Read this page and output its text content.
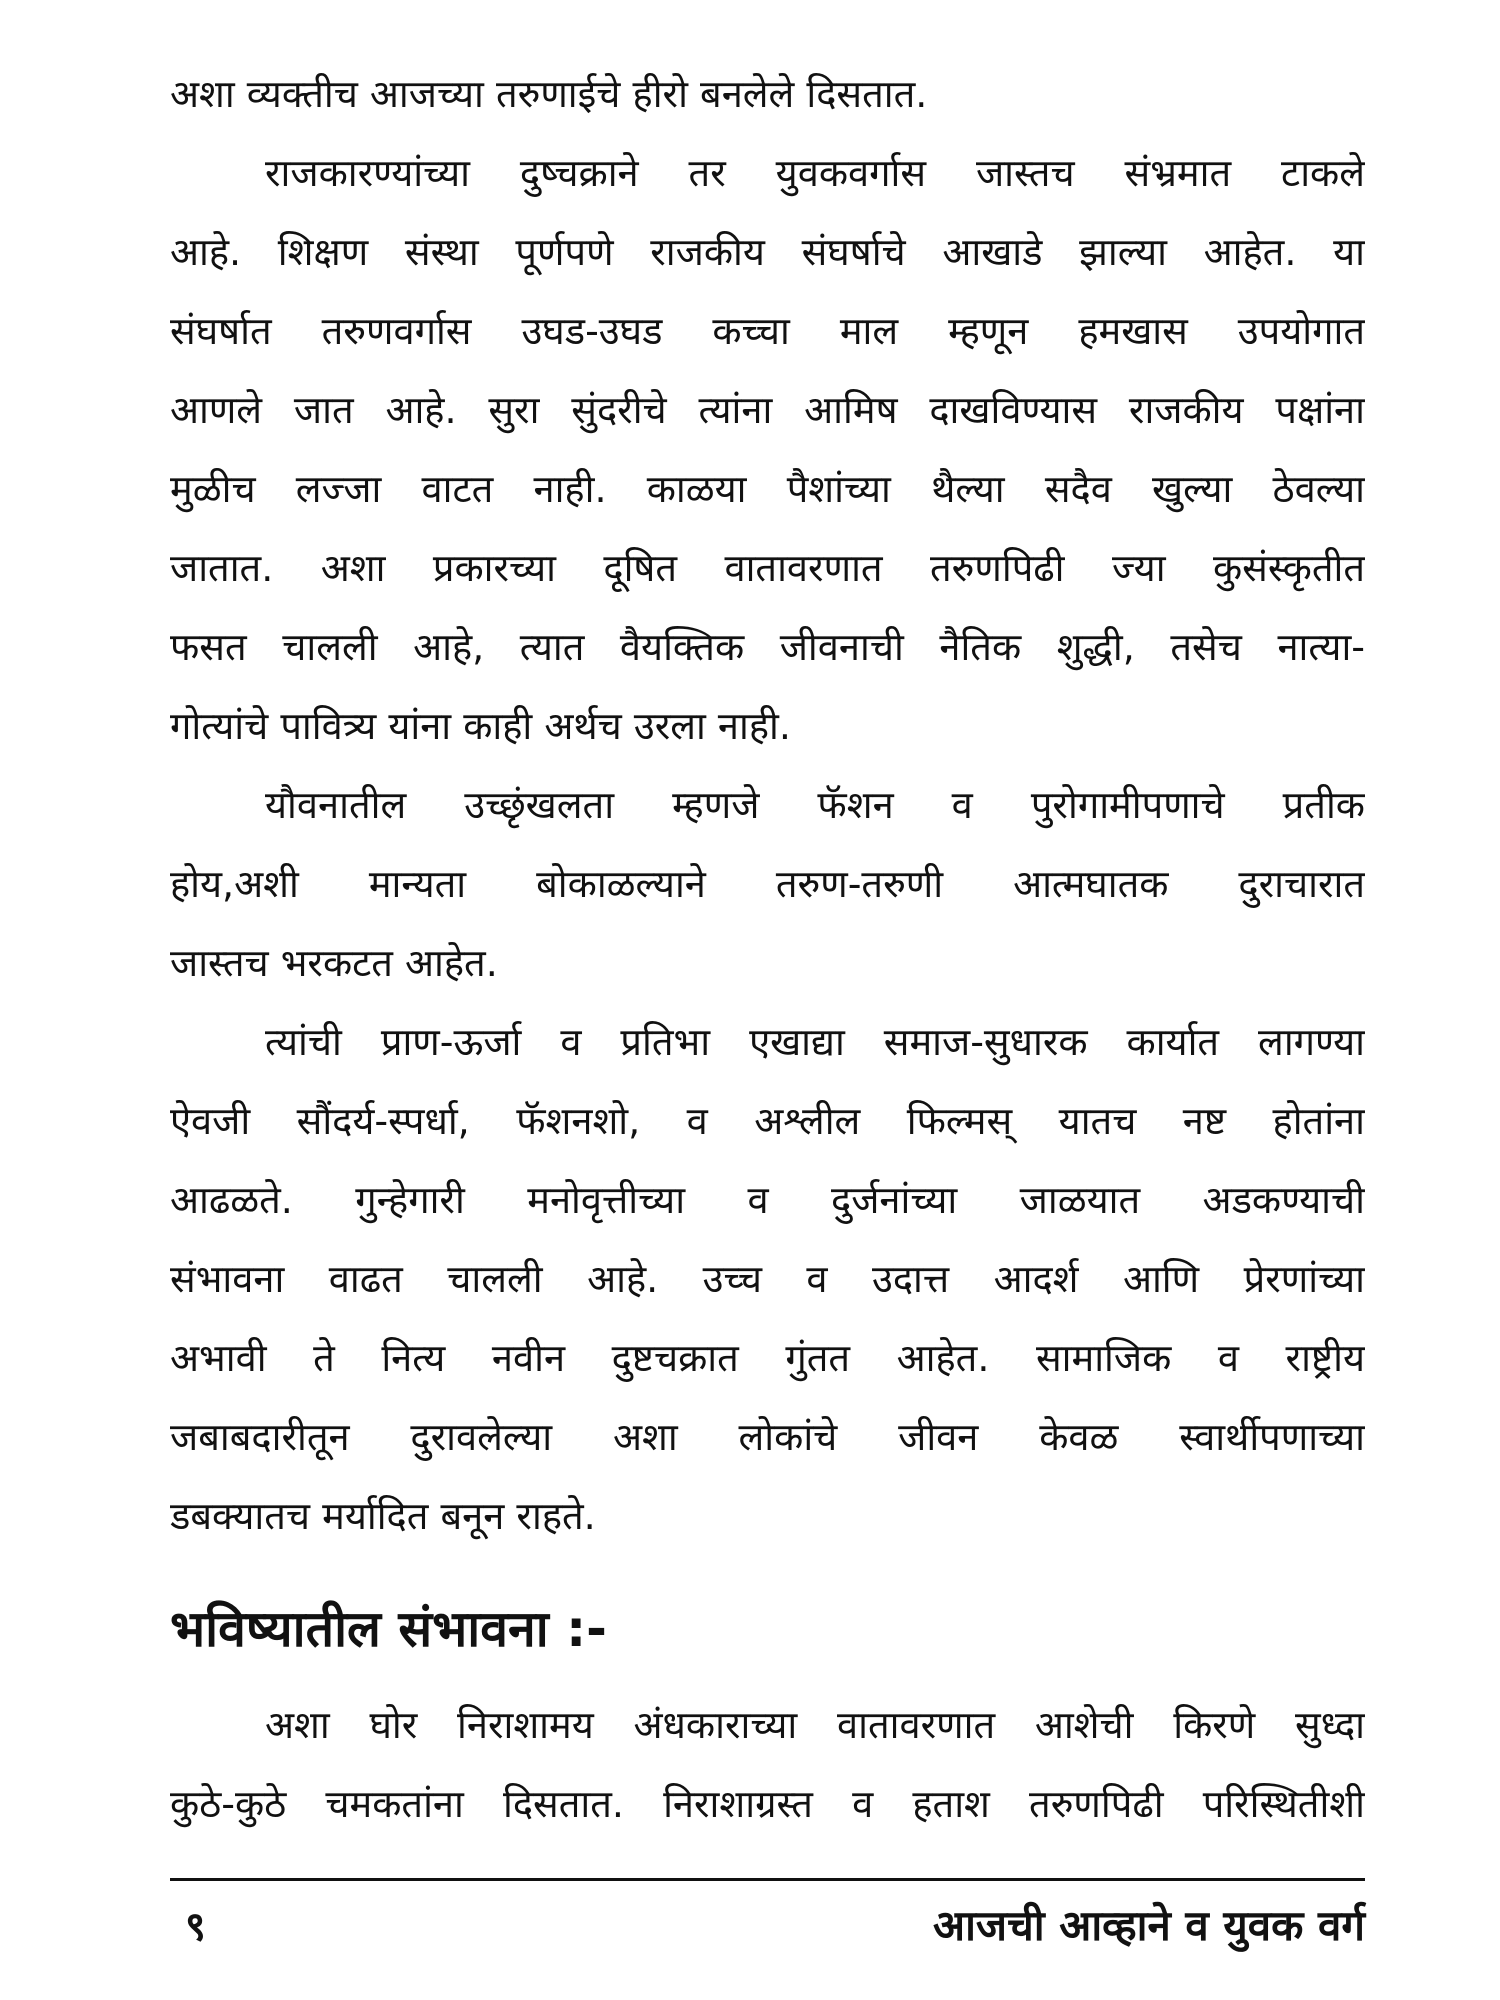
अशा व्यक्तीच आजच्या तरुणाईचे हीरो बनलेले दिसतात.

राजकारण्यांच्या दुष्चक्राने तर युवकवर्गास जास्तच संभ्रमात टाकले

आहे. शिक्षण संस्था पूर्णपणे राजकीय संघर्षाचे आखाडे झाल्या आहेत. या

संघर्षात तरुणवर्गास उघड-उघड कच्चा माल म्हणून हमखास उपयोगात

आणले जात आहे. सुरा सुंदरीचे त्यांना आमिष दाखविण्यास राजकीय पक्षांना

मुळीच लज्जा वाटत नाही. काळया पैशांच्या थैल्या सदैव खुल्या ठेवल्या

जातात. अशा प्रकारच्या दूषित वातावरणात तरुणपिढी ज्या कुसंस्कृतीत

फसत चालली आहे, त्यात वैयक्तिक जीवनाची नैतिक शुद्धी, तसेच नात्या-

गोत्यांचे पावित्र्य यांना काही अर्थच उरला नाही.

यौवनातील उच्छृंखलता म्हणजे फॅशन व पुरोगामीपणाचे प्रतीक

होय,अशी मान्यता बोकाळल्याने तरुण-तरुणी आत्मघातक दुराचारात

जास्तच भरकटत आहेत.

त्यांची प्राण-ऊर्जा व प्रतिभा एखाद्या समाज-सुधारक कार्यात लागण्या

ऐवजी सौंदर्य-स्पर्धा, फॅशनशो, व अश्लील फिल्मस् यातच नष्ट होतांना

आढळते. गुन्हेगारी मनोवृत्तीच्या व दुर्जनांच्या जाळयात अडकण्याची

संभावना वाढत चालली आहे. उच्च व उदात्त आदर्श आणि प्रेरणांच्या

अभावी ते नित्य नवीन दुष्टचक्रात गुंतत आहेत. सामाजिक व राष्ट्रीय

जबाबदारीतून दुरावलेल्या अशा लोकांचे जीवन केवळ स्वार्थीपणाच्या

डबक्यातच मर्यादित बनून राहते.

भविष्यातील संभावना :-

अशा घोर निराशामय अंधकाराच्या वातावरणात आशेची किरणे सुध्दा

कुठे-कुठे चमकतांना दिसतात. निराशाग्रस्त व हताश तरुणपिढी परिस्थितीशी

९	आजची आव्हाने व युवक वर्ग
